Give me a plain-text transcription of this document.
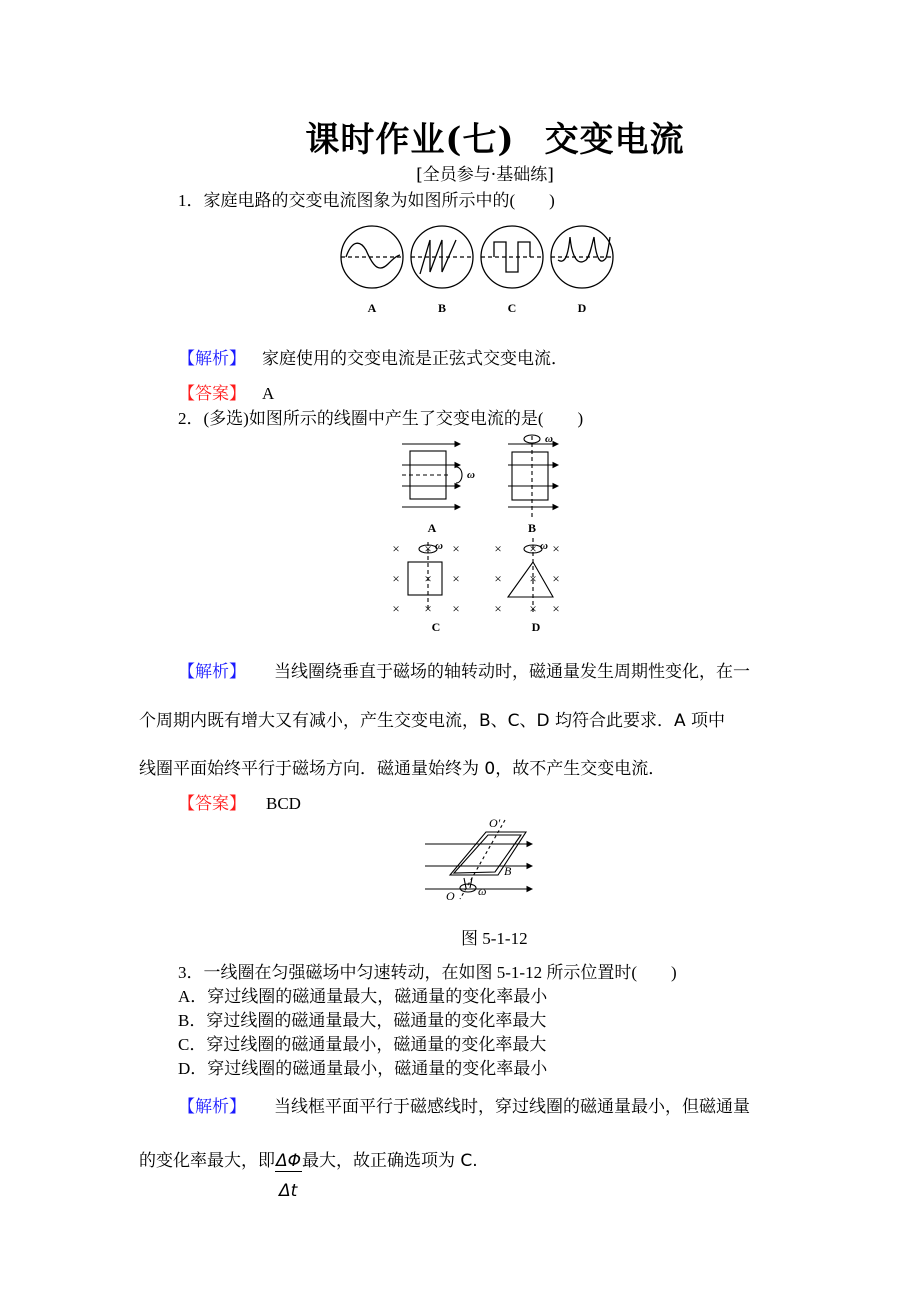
课时作业(七) 交变电流
[全员参与·基础练]
1．家庭电路的交变电流图象为如图所示中的(　　)
A	B	C	D
【解析】 家庭使用的交变电流是正弦式交变电流．
【答案】 A
2．(多选)如图所示的线圈中产生了交变电流的是(　　)
ω
ω
ω	ω
× × ×
× × ×
× × ×
× × ×
× × ×
× × ×
A	B
C	D
【解析】 当线圈绕垂直于磁场的轴转动时，磁通量发生周期性变化，在一
个周期内既有增大又有减小，产生交变电流，B、C、D 均符合此要求．A 项中
线圈平面始终平行于磁场方向．磁通量始终为 0，故不产生交变电流．
【答案】 BCD
O′
B
O ω
图 5-1-12
3．一线圈在匀强磁场中匀速转动，在如图 5-1-12 所示位置时(　　)
A．穿过线圈的磁通量最大，磁通量的变化率最小
B．穿过线圈的磁通量最大，磁通量的变化率最大
C．穿过线圈的磁通量最小，磁通量的变化率最大
D．穿过线圈的磁通量最小，磁通量的变化率最小
【解析】 当线框平面平行于磁感线时，穿过线圈的磁通量最小，但磁通量
的变化率最大，即 $\frac{\Delta\Phi}{\Delta t}$ 最大，故正确选项为 C.
